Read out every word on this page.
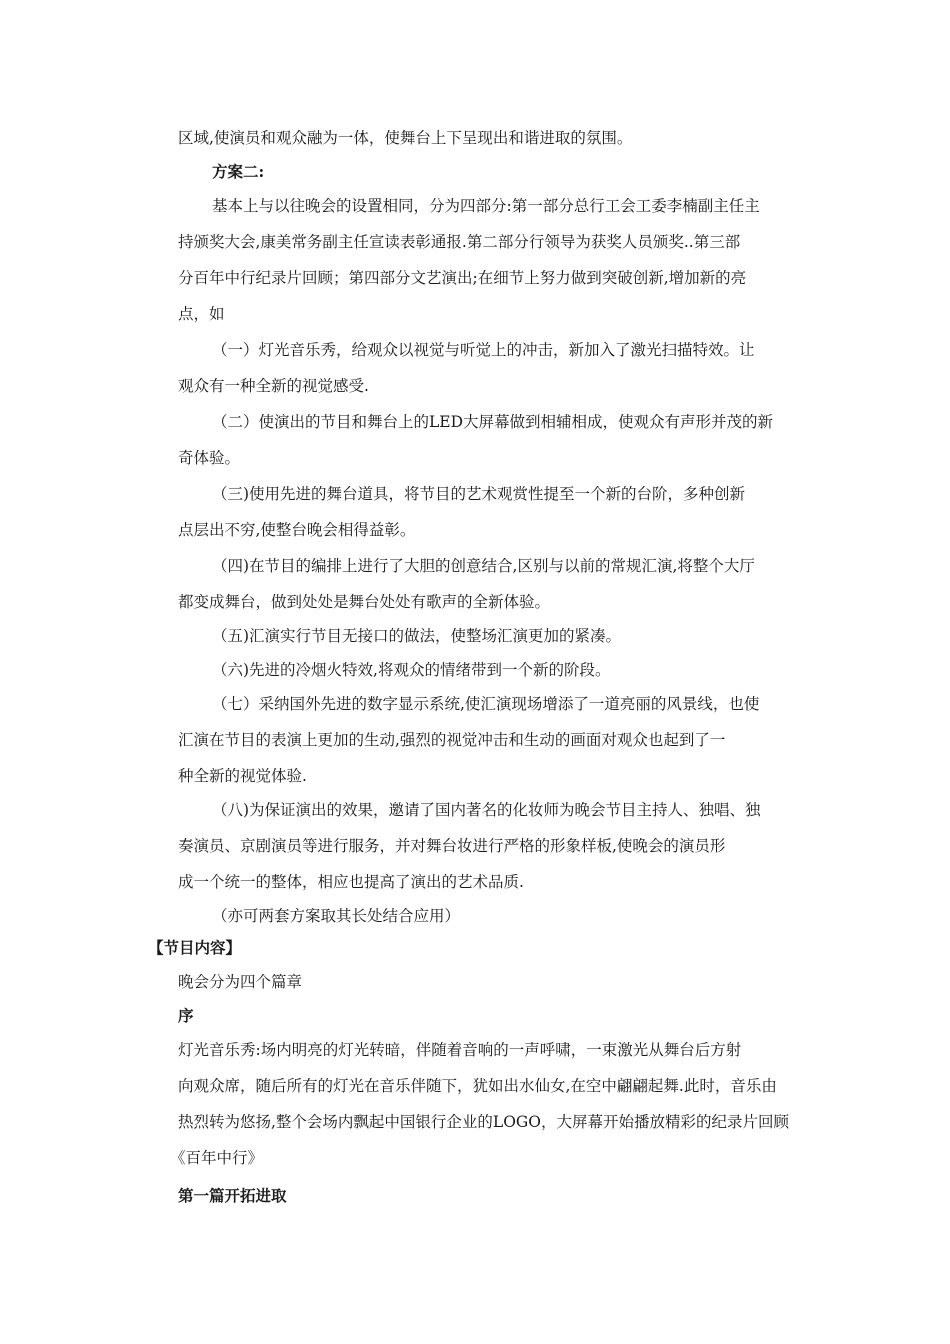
区域,使演员和观众融为一体，使舞台上下呈现出和谐进取的氛围。

方案二:

基本上与以往晚会的设置相同，分为四部分:第一部分总行工会工委李楠副主任主

持颁奖大会,康美常务副主任宣读表彰通报.第二部分行领导为获奖人员颁奖..第三部

分百年中行纪录片回顾；第四部分文艺演出;在细节上努力做到突破创新,增加新的亮

点，如

（一）灯光音乐秀，给观众以视觉与听觉上的冲击，新加入了激光扫描特效。让

观众有一种全新的视觉感受.

（二）使演出的节目和舞台上的LED大屏幕做到相辅相成，使观众有声形并茂的新

奇体验。

（三)使用先进的舞台道具，将节目的艺术观赏性提至一个新的台阶，多种创新

点层出不穷,使整台晚会相得益彰。

（四)在节目的编排上进行了大胆的创意结合,区别与以前的常规汇演,将整个大厅

都变成舞台，做到处处是舞台处处有歌声的全新体验。

（五)汇演实行节目无接口的做法，使整场汇演更加的紧凑。

（六)先进的冷烟火特效,将观众的情绪带到一个新的阶段。

（七）采纳国外先进的数字显示系统,使汇演现场增添了一道亮丽的风景线，也使

汇演在节目的表演上更加的生动,强烈的视觉冲击和生动的画面对观众也起到了一

种全新的视觉体验.

（八)为保证演出的效果，邀请了国内著名的化妆师为晚会节目主持人、独唱、独

奏演员、京剧演员等进行服务，并对舞台妆进行严格的形象样板,使晚会的演员形

成一个统一的整体，相应也提高了演出的艺术品质.

（亦可两套方案取其长处结合应用）

【节目内容】

晚会分为四个篇章

序

灯光音乐秀:场内明亮的灯光转暗，伴随着音响的一声呼啸，一束激光从舞台后方射

向观众席，随后所有的灯光在音乐伴随下，犹如出水仙女,在空中翩翩起舞.此时，音乐由

热烈转为悠扬,整个会场内飘起中国银行企业的LOGO，大屏幕开始播放精彩的纪录片回顾

《百年中行》

第一篇开拓进取
